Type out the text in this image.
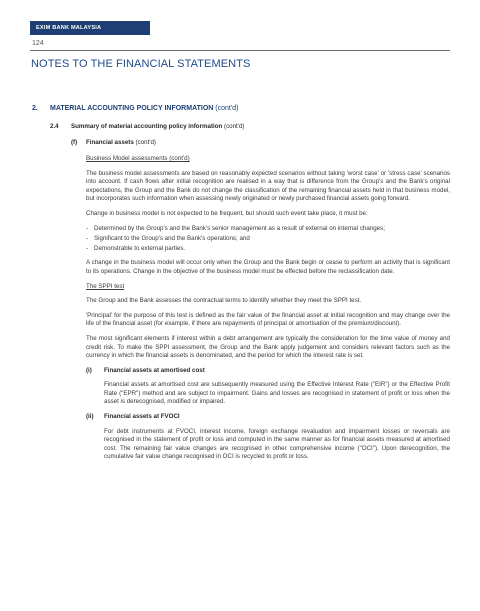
EXIM BANK MALAYSIA
124
NOTES TO THE FINANCIAL STATEMENTS
2. MATERIAL ACCOUNTING POLICY INFORMATION (cont'd)
2.4 Summary of material accounting policy information (cont'd)
(f) Financial assets (cont'd)
Business Model assessments (cont'd)

The business model assessments are based on reasonably expected scenarios without taking 'worst case' or 'stress case' scenarios into account. If cash flows after initial recognition are realised in a way that is difference from the Group's and the Bank's original expectations, the Group and the Bank do not change the classification of the remaining financial assets held in that business model, but incorporates such information when assessing newly originated or newly purchased financial assets going forward.

Change in business model is not expected to be frequent, but should such event take place, it must be:

- Determined by the Group's and the Bank's senior management as a result of external on internal changes;
- Significant to the Group's and the Bank's operations; and
- Demonstrable to external parties.

A change in the business model will occur only when the Group and the Bank begin or cease to perform an activity that is significant to its operations. Change in the objective of the business model must be effected before the reclassification date.

The SPPI test

The Group and the Bank assesses the contractual terms to identify whether they meet the SPPI test.

'Principal' for the purpose of this test is defined as the fair value of the financial asset at initial recognition and may change over the life of the financial asset (for example, if there are repayments of principal or amortisation of the premium/discount).

The most significant elements if interest within a debt arrangement are typically the consideration for the time value of money and credit risk. To make the SPPI assessment, the Group and the Bank apply judgement and considers relevant factors such as the currency in which the financial assets is denominated, and the period for which the interest rate is set.

(i) Financial assets at amortised cost

Financial assets at amortised cost are subsequently measured using the Effective Interest Rate ("EIR") or the Effective Profit Rate ("EPR") method and are subject to impairment. Gains and losses are recognised in statement of profit or loss when the asset is derecognised, modified or impaired.

(ii) Financial assets at FVOCI

For debt instruments at FVOCI, interest income, foreign exchange revaluation and impairment losses or reversals are recognised in the statement of profit or loss and computed in the same manner as for financial assets measured at amortised cost. The remaining fair value changes are recognised in other comprehensive income ("OCI"). Upon derecognition, the cumulative fair value change recognised in OCI is recycled to profit or loss.
